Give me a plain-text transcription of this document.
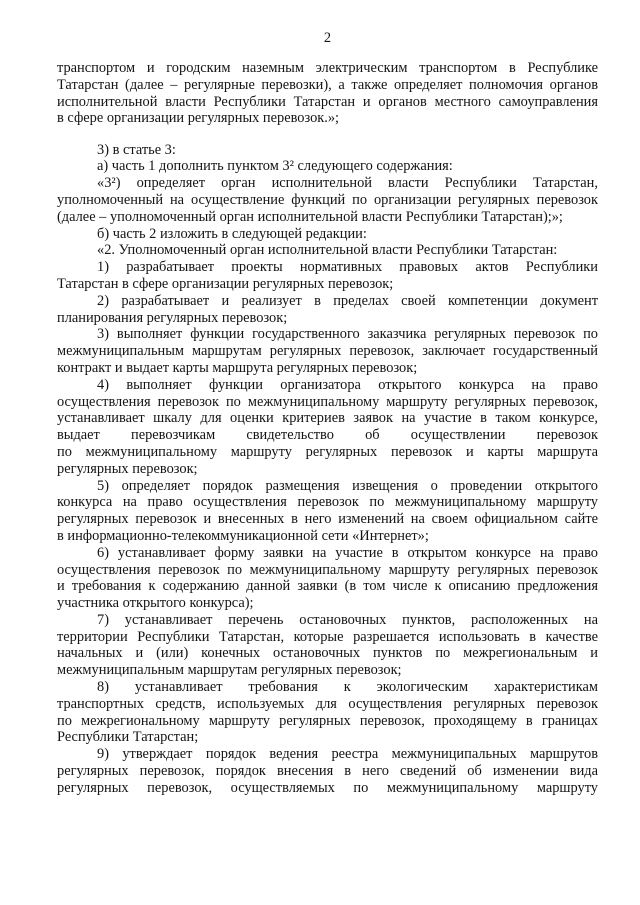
2
транспортом и городским наземным электрическим транспортом в Республике
Татарстан (далее – регулярные перевозки), а также определяет полномочия органов
исполнительной власти Республики Татарстан и органов местного самоуправления
в сфере организации регулярных перевозок.»;
3) в статье 3:
а) часть 1 дополнить пунктом 3² следующего содержания:
«3²) определяет орган исполнительной власти Республики Татарстан,
уполномоченный на осуществление функций по организации регулярных перевозок
(далее – уполномоченный орган исполнительной власти Республики Татарстан);»;
б) часть 2 изложить в следующей редакции:
«2. Уполномоченный орган исполнительной власти Республики Татарстан:
1) разрабатывает проекты нормативных правовых актов Республики
Татарстан в сфере организации регулярных перевозок;
2) разрабатывает и реализует в пределах своей компетенции документ
планирования регулярных перевозок;
3) выполняет функции государственного заказчика регулярных перевозок по
межмуниципальным маршрутам регулярных перевозок, заключает государственный
контракт и выдает карты маршрута регулярных перевозок;
4) выполняет функции организатора открытого конкурса на право
осуществления перевозок по межмуниципальному маршруту регулярных перевозок,
устанавливает шкалу для оценки критериев заявок на участие в таком конкурсе,
выдает перевозчикам свидетельство об осуществлении перевозок
по межмуниципальному маршруту регулярных перевозок и карты маршрута
регулярных перевозок;
5) определяет порядок размещения извещения о проведении открытого
конкурса на право осуществления перевозок по межмуниципальному маршруту
регулярных перевозок и внесенных в него изменений на своем официальном сайте
в информационно-телекоммуникационной сети «Интернет»;
6) устанавливает форму заявки на участие в открытом конкурсе на право
осуществления перевозок по межмуниципальному маршруту регулярных перевозок
и требования к содержанию данной заявки (в том числе к описанию предложения
участника открытого конкурса);
7) устанавливает перечень остановочных пунктов, расположенных на
территории Республики Татарстан, которые разрешается использовать в качестве
начальных и (или) конечных остановочных пунктов по межрегиональным и
межмуниципальным маршрутам регулярных перевозок;
8) устанавливает требования к экологическим характеристикам
транспортных средств, используемых для осуществления регулярных перевозок
по межрегиональному маршруту регулярных перевозок, проходящему в границах
Республики Татарстан;
9) утверждает порядок ведения реестра межмуниципальных маршрутов
регулярных перевозок, порядок внесения в него сведений об изменении вида
регулярных перевозок, осуществляемых по межмуниципальному маршруту
